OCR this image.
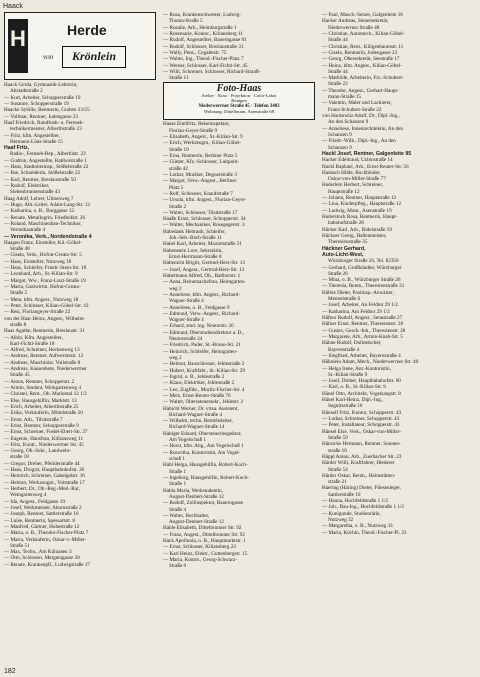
Haack
H	Herde
von	Krönlein
Haack Gerda, Gymnastik-Lehrerin,
Altstadtstraße 2
— Kurt, Arbeiter, Schopperstraße 19
— Susanne, Schopperstraße 19
Haacke Sybille, Rentnerin, Graben 23/25
— Vollmar, Rentner, Judengasse 23
Haaf Friedrich, Rundfunk- u. Fernseh-
technikermeister, Albertlistraße 23
— Fritz, kfm. Angestellter,
Hermann-Löns-Straße 15
Haaf Fritz,
Radio-, Fernseh-Rep., Albertlistr. 23
— Gudrun, Angestellte, Ratiborstraße 1
— Hans, Stadtoberinsp., Stößelstraße 22
— Ilse, Schneiderin, Stößelstraße 22
— Karl, Rentner, Breslaustraße 50
— Rudolf, Elektriker,
Siebenbrunnenstraße 43
Haag Adolf, Lehrer, Ulmenweg 7
— Hugo, Abt.-Leiter, Adam-Lang-Str. 12
— Katharina, o. B., Burggasse 12
— Renate, Metallogrin, Friedhofstr. 26
— Roland, Maschinenbau-Techniker,
Veronikastraße 4
— Veronika, Verk., Nordendstraße 4
Haagen Franz, Einsteller, Kil.-Göbel-
Straße 48
— Gisela, Verk., Hofrat-Greatz-Str. 5
— Hans, Einsteller, Nutzweg 18
— Hans, Schleifer, Friedr.-Stein-Str. 18
— Leonhard, Arb., St.-Kilian-Str. 9
— Margot, Ww., Franz-Liszt-Straße 19
— Maria, Gastwirtin, Hofrat-Greatz-
Straße 5
— Meta, kfm. Angest., Nutzweg 18
— Peter, Schlosser, Kilian-Göbel-Str. 43
— Resi, Floriangeyer-Straße 22
von der Haar Heinz, Angest., Wilhelm-
straße 8
Haas Agathe, Rentnerin, Breslaustr. 31
— Albin, Kfm. Angestellter,
Karl-Fichtl-Straße 18
— Alfred, Schreiner, Heckenweg 13
— Andreas, Rentner, Aufwerntsstr. 12
— Andreas, Maschinist, Vollstraße 8
— Andreas, Kassenbote, Niederwerrner
Straße 45
— Anton, Rentner, Schopperstr. 2
— Armin, Student, Weingartenweg 4
— Christel, Rent., Ob. Mariental 12 1/2
— Else, Hausgehilfin, Marktstr. 13
— Erich, Arbeiter, Albertlistraße 25
— Erika, Verkäuferin, Mittelstraße 20
— Ernst, Arb., Tilsitstraße 7
— Ernst, Rentner, Schopperstraße 9
— Ernst, Schreiner, Fiedel-Ebert-Str. 37
— Eugenie, Hausfrau, Killiansweg 11
— Fritz, Kontr., Niederwerrner Str. 45
— Georg, Ob.-Sekr., Landwehr-
straße 18
— Gregor, Dreher, Pfeilderstraße 44
— Hans, Drogist, Hauptbahnhofstr. 26
— Heinrich, Schreiner, Gabelgelstr. 16
— Helmut, Werkzeugm., Voitstraße 17
— Herbert, Dr., Ob.-Reg.-Med.-Rat,
Weingartenweg 4
— Ida, Angest., Feldgasse 19
— Josef, Werkmeister, Ahornstraße 2
— Joseph, Rentner, Sattlerstraße 16
— Luise, Rentnerin, Spessartstr. 8
— Manfred, Gärtner, Hohestraße 12
— Maria, o. B., Theodor-Fischer-Platz 7
— Maria, Verkäuferin, Oskar-v.-Miller-
Straße 51
— Max, Techn., Am Kührasen 3
— Otto, Schlosser, Mergentgasse 20
— Renate, Krankenpfl., Ludwigstraße 17
— Rosa, Krankenschwester, Ludwig-
Thoma-Straße 5
— Rosalie, Arb., Heimburgstraße 1
— Rosemarie, Kontor., Kiliansberg 11
— Rudolf, Angestellter, Bauerngasse 81
— Rudolf, Schlosser, Breslaustraße 31
— Wally, Pens., Cogaltestr. 75
— Walter, Ing., Theod.-Fischer-Platz 7
— Werner, Schlosser, Karl-Fichtl-Str. 45
— Willi, Schreiner, Schlosser, Richard-Strauß-
Straße 11
Foto-Haas
Atelier · Kino · Projektion · Color-Labor
Röntgen
Niederwerrner Straße 45 · Telefon 3403
Wohnung: Dittelbrunn, Auenstraße 68
Haase Eitelfritz, Reiseinspektor,
Florian-Geyer-Straße 9
— Elisabeth, Angest., St.-Kilian-Str. 9
— Erich, Werkzeugm., Kilian-Göbel-
Straße 19
— Erna, Rentnerin, Berliner Platz 5
— Günter, Kfz.-Schlosser, Luitpold-
straße 42
— Lothar, Musiker, Degnerstraße 3
— Margot, Verw.-Angest., Berliner
Platz 5
— Rolf, Schlosser, Knaufstraße 7
— Ursula, kfm. Angest., Florian-Geyer-
Straße 2
— Walter, Schlosser, Tilsitstraße 17
Haaße Ernst, Schlosser, Schopperstr. 34
— Walter, Mechaniker, Rosegegerstr. 3
Habedank Helmuth, Schleifer,
Joh.-Seb.-Bach-Straße 11
Habel Karl, Arbeiter, Mozartstraße 31
Habenstein Lore, Sekretärin,
Ernst-Herrmann-Straße 8
Habenicht Brigitt, Gertrud-Herz-Str. 13
— Josef, Angest., Gertrud-Herz-Str. 13
Habermann Alfred, Ob., Ratiborstr. 1
— Anna, Reinemachefrau, Heimgarten-
weg 2
— Anneliese, kfm. Angest., Richard-
Wagner-Straße 4
— Anneliese, o. B., Feldgasse 9
— Edmund, Verw.-Angest., Richard-
Wagner-Straße 4
— Erhard, stud. ing. Neutorstr. 26
— Edmund, Oberstudiendirektor a. D.,
Neutorstraße 24
— Friedrich, Pader, St.-Bruno-Str. 21
— Heinrich, Schleifer, Heimgarten-
weg 2
— Helmut, Bauschlosser, Jehlestraße 2
— Hubert, Kraftfahr., St.-Kilian-Str. 29
— Ingrid, o. B., Jehlestraße 2
— Klaus, Elektriker, Jehlestraße 2
— Leo, Zugführ., Moritz-Fischer-Str. 4
— Metz, Ernst-Reuter-Straße 76
— Walter, Oberssteuersekr., Jehlestr. 2
Habicht Werner, Dr. vrtsa. Assistent,
Richard-Wagner-Straße 4
— Wilhelm, techn. Betriebsleiter,
Richard-Wagner-Straße 14
Habiger Eduard, Obersteuerinspektor,
Am Vogelschuß 1
— Horst, kfm. Ang., Am Vogelschuß 1
— Roswitha, Kontoristin, Am Vogel-
schuß 1
Habl Helga, Hausgehilfin, Robert-Koch-
Straße 1
— Ingeborg, Hausgehilfin, Robert-Koch-
Straße 1
Habla Maria, Werkstudentin,
August-Denbert-Straße 12
— Rudolf, Zollinspektor, Bauerngasse
Straße 4
— Walter, Buchhalter,
August-Denbert-Straße 12
Hable Elisabeth, Dittelbrunner Str. 92
— Franz, Angest., Dittelbrunner Str. 92
Hack Apollonia, o. B., Hauptmarktstr. 1
— Ernst, Schlosser, Kiliansberg 23
— Karl Heinz, Elektr., Guttenbergstr. 15
— Maria, Kontor., Georg-Schwarz-
Straße 6
— Paul, Masch.-Setzer, Galgenleite 16
Hacker Andreas, Steuersekretär,
Niederwerrner Straße 48
— Christian, Automech., Kilian-Göbel-
Straße 44
— Christian, Rent., Kiligenbaumstr. 11
— Gisela, Rentnerin, Judengasse 23
— Georg, Obersekretär, Seestraße 17
— Heinz, kfm. Angest., Kilian-Göbel-
Straße 44
— Mathilde, Arbeiterin, Frz.-Schubert-
Straße 22
— Theodor, Angest., Gerhart-Haupt-
mann-Straße 15
— Valentin, Maler und Lackierer,
Franz-Schubert-Straße 22
von Hackewitz Adolf, Dr., Dipl.-Ing.,
An den Schanzen 9
— Anneliese, Innenarchitektin, An den
Schanzen 9
— Friedr.-Wilh., Dipl.-Ing., An den
Schanzen 9
Hackl Josef, Rentner, Galgenleite 95
Hacker Edeltraud, Uzbinstraße 14
Hackl Raphael, Arb., Ernst-Reuter-Str. 56
Hadasch Hilde, Buchbinder,
Oskar-von-Miller-Straße 77
Haderlein Herbert, Schreiner,
Hauptstraße 12
— Johann, Rentner, Hauptstraße 12
— Lina, Kinderpfleg., Hauptstraße 12
— Ludwig, Mont., Asenstraße 19
Haderstock Rosa, Rentnerin, Haupt-
bahnhofstraße 28
Häcker Karl, Arb., Ridelstraße 19
Häckner Georg, Hallenmeister,
Theresienstraße 35
Häckner Gerhard,
Auto-Licht-West,
Würzburger Straße 26, Tel. 82350
— Gerhard, Großhändler, Würzburger
Straße 26
— Mina, o. B., Würzburger Straße 26
— Theresia, Rentn., Theresienstraße 31
Häfele Dieter, Postinsp.-Anwärter,
Mennelstraße 6
— Josef, Arbeiter, An Feldtor 29 1/2
— Katharina, Am Feldtor 29 1/2
Häfner Rudolf, Angest., Sennstraße 27
Häfner Ernst, Rentner, Theresienstr. 28
— Gustav, Gesch.-Inh., Theresienstr. 28
— Margarete, Arb., Armin-Knab-Str. 5
Hähne Rudolf, Dolmetscher,
Bayernstraße 4
— Siegfried, Arbeiter, Bayernstraße 4
Hähnlein Adam, Mech., Niederwerrner Str. 48
— Helga Irene, Ant.-Kontoristin,
St.-Kilian-Straße 9
— Josef, Dreher, Hauptbahnhofstr. 60
— Karl, o. B., St.-Kilian-Str. 9
Hänel Otto, Architekt, Vogelsangstr. 8
Hänel Karl-Heinz, Dipl.-Ing.,
Segnitzstraße 16
Hänself Fritz, Kontor, Schopperstr. 43
— Lothar, Schreiner, Schopperstr. 43
— Peter, Installateur, Schopperstr. 43
Hänsel Else, Verk., Oskar-von-Miller-
Straße 59
Hänsicke Hermann, Rentner, Sonnen-
straße 10
Häppl Anton, Arb., Zuerbacher Str. 23
Härder Willi, Kraftfahrer, Hiederer
Straße 54
Härder Oskar, Rentn., Heimstätten-
straße 21
Haering (Häring) Dieter, Fliesenleger,
Sattlerstraße 10
— Hanna, Hochfeldstraße 1 1/2
— Joh., Bau-Ing., Hochfeldstraße 1 1/2
— Kunigunde, Studienrätin,
Nutzweg 32
— Margaretha, o. B., Nutzweg 33
— Maria, Köchin, Theod.-Fischer-Pl. 23
182
